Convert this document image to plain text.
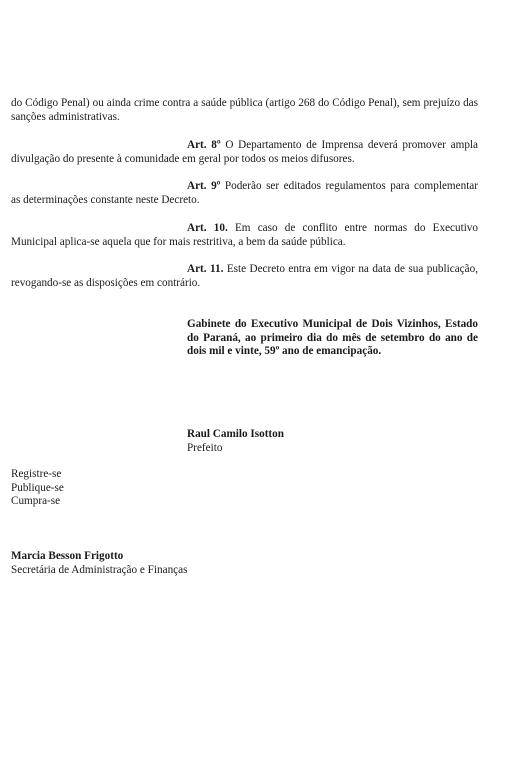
do Código Penal) ou ainda crime contra a saúde pública (artigo 268 do Código Penal), sem prejuízo das sanções administrativas.

Art. 8º O Departamento de Imprensa deverá promover ampla divulgação do presente à comunidade em geral por todos os meios difusores.

Art. 9º Poderão ser editados regulamentos para complementar as determinações constante neste Decreto.

Art. 10. Em caso de conflito entre normas do Executivo Municipal aplica-se aquela que for mais restritiva, a bem da saúde pública.

Art. 11. Este Decreto entra em vigor na data de sua publicação, revogando-se as disposições em contrário.

Gabinete do Executivo Municipal de Dois Vizinhos, Estado do Paraná, ao primeiro dia do mês de setembro do ano de dois mil e vinte, 59º ano de emancipação.

Raul Camilo Isotton
Prefeito
Registre-se
Publique-se
Cumpra-se
Marcia Besson Frigotto
Secretária de Administração e Finanças
